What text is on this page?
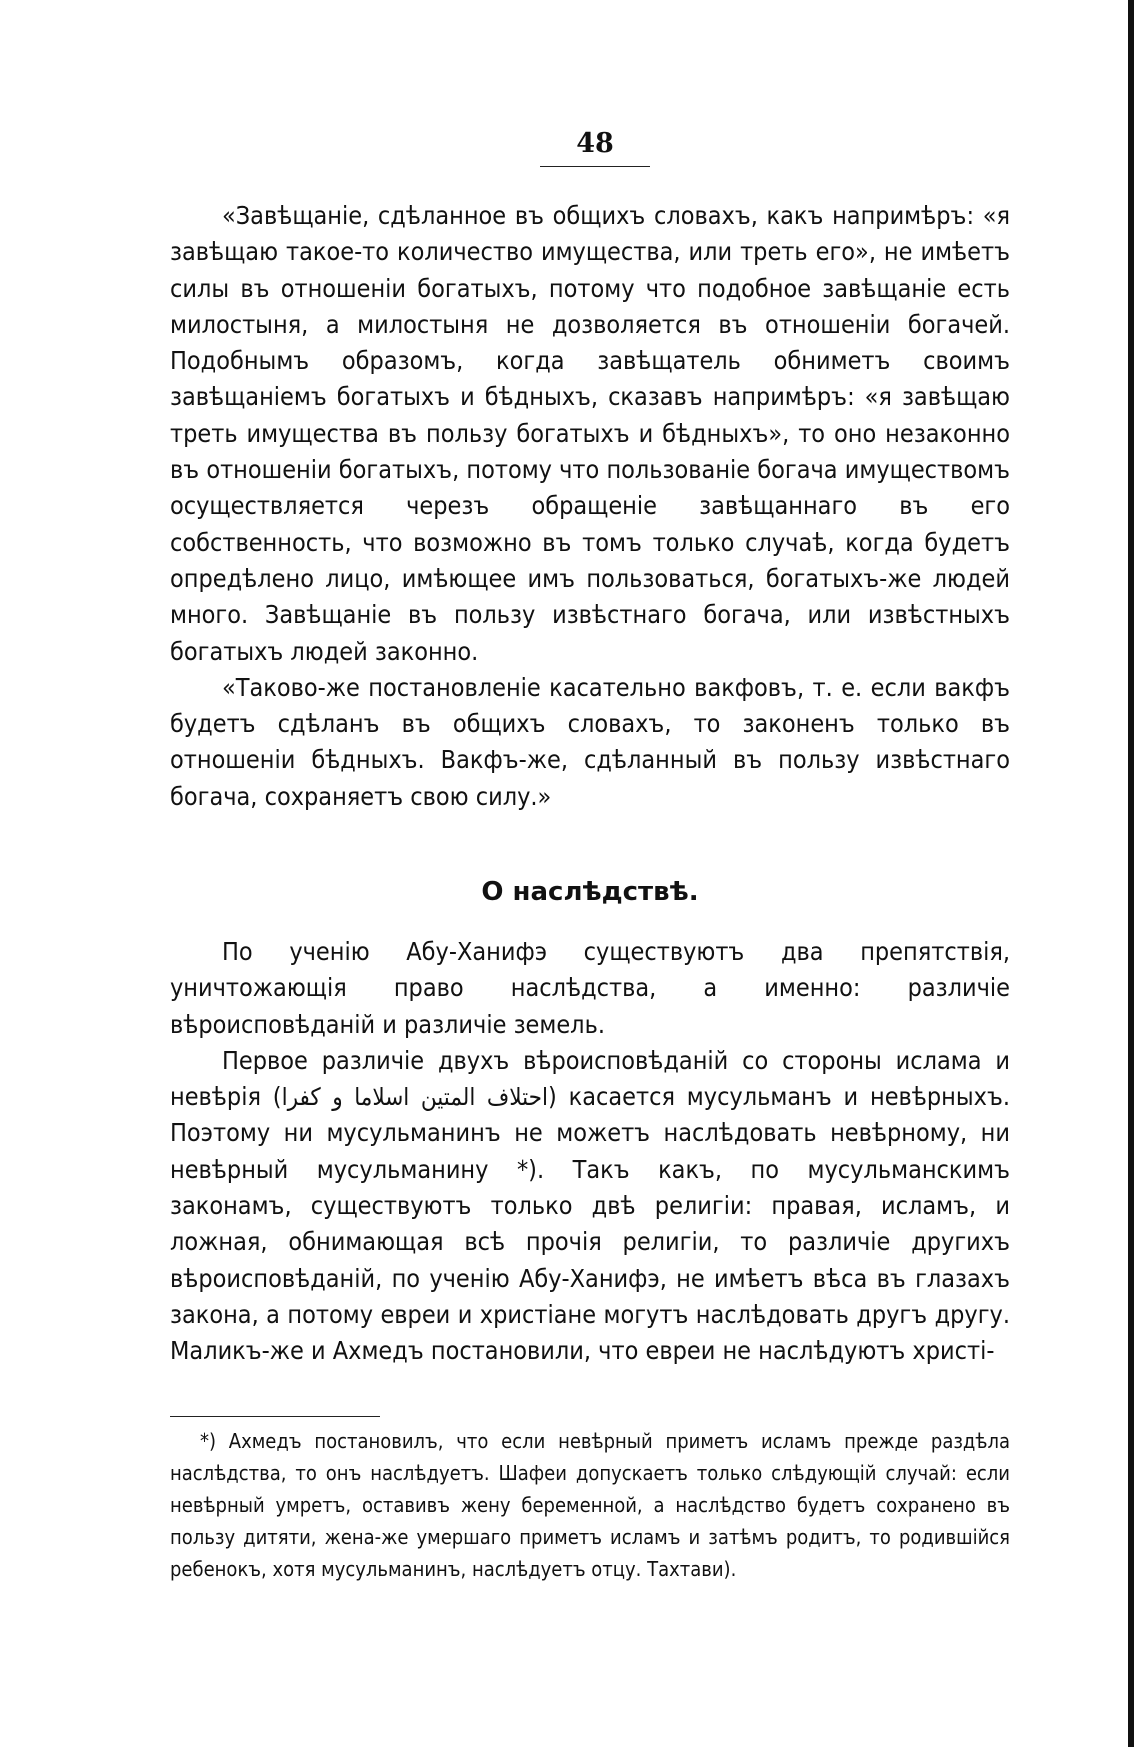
48

«Завѣщаніе, сдѣланное въ общихъ словахъ, какъ напримѣръ: «я завѣщаю такое-то количество имущества, или треть его», не имѣетъ силы въ отношеніи богатыхъ, потому что подобное завѣщаніе есть милостыня, а милостыня не дозволяется въ отношеніи богачей. Подобнымъ образомъ, когда завѣщатель обниметъ своимъ завѣщаніемъ богатыхъ и бѣдныхъ, сказавъ напримѣръ: «я завѣщаю треть имущества въ пользу богатыхъ и бѣдныхъ», то оно незаконно въ отношеніи богатыхъ, потому что пользованіе богача имуществомъ осуществляется черезъ обращеніе завѣщаннаго въ его собственность, что возможно въ томъ только случаѣ, когда будетъ опредѣлено лицо, имѣющее имъ пользоваться, богатыхъ-же людей много. Завѣщаніе въ пользу извѣстнаго богача, или извѣстныхъ богатыхъ людей законно.

«Таково-же постановленіе касательно вакфовъ, т. е. если вакфъ будетъ сдѣланъ въ общихъ словахъ, то законенъ только въ отношеніи бѣдныхъ. Вакфъ-же, сдѣланный въ пользу извѣстнаго богача, сохраняетъ свою силу.»

О наслѣдствѣ.

По ученію Абу-Ханифэ существуютъ два препятствія, уничтожающія право наслѣдства, а именно: различіе вѣроисповѣданій и различіе земель.

Первое различіе двухъ вѣроисповѣданій со стороны ислама и невѣрія (احتلاف المتين اسلاما و كفرا) касается мусульманъ и невѣрныхъ. Поэтому ни мусульманинъ не можетъ наслѣдовать невѣрному, ни невѣрный мусульманину *). Такъ какъ, по мусульманскимъ законамъ, существуютъ только двѣ религіи: правая, исламъ, и ложная, обнимающая всѣ прочія религіи, то различіе другихъ вѣроисповѣданій, по ученію Абу-Ханифэ, не имѣетъ вѣса въ глазахъ закона, а потому евреи и христіане могутъ наслѣдовать другъ другу. Маликъ-же и Ахмедъ постановили, что евреи не наслѣдуютъ христі-

*) Ахмедъ постановилъ, что если невѣрный приметъ исламъ прежде раздѣла наслѣдства, то онъ наслѣдуетъ. Шафеи допускаетъ только слѣдующій случай: если невѣрный умретъ, оставивъ жену беременной, а наслѣдство будетъ сохранено въ пользу дитяти, жена-же умершаго приметъ исламъ и затѣмъ родитъ, то родившійся ребенокъ, хотя мусульманинъ, наслѣдуетъ отцу. Тахтави).
